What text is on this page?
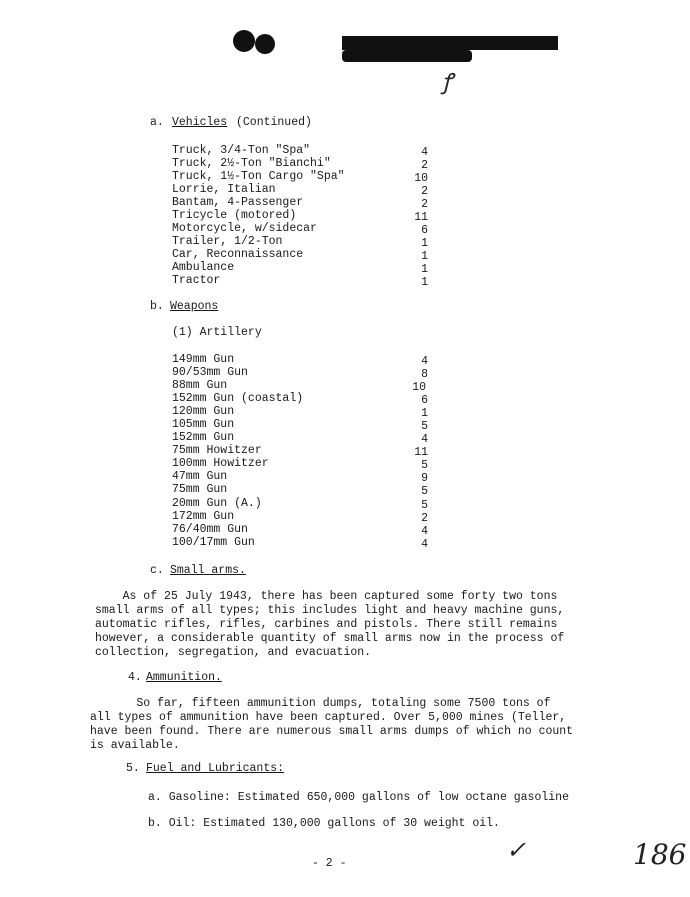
ꝭ
a. Vehicles (Continued)
Truck, 3/4-Ton "Spa"	4
Truck, 2½-Ton "Bianchi"	2
Truck, 1½-Ton Cargo "Spa"	10
Lorrie, Italian	2
Bantam, 4-Passenger	2
Tricycle (motored)	11
Motorcycle, w/sidecar	6
Trailer, 1/2-Ton	1
Car, Reconnaissance	1
Ambulance	1
Tractor	1
b. Weapons
(1) Artillery
149mm Gun	4
90/53mm Gun	8
88mm Gun	10
152mm Gun (coastal)	6
120mm Gun	1
105mm Gun	5
152mm Gun	4
75mm Howitzer	11
100mm Howitzer	5
47mm Gun	9
75mm Gun	5
20mm Gun (A.)	5
172mm Gun	2
76/40mm Gun	4
100/17mm Gun	4
c. Small arms.
As of 25 July 1943, there has been captured some forty two tons
small arms of all types; this includes light and heavy machine guns,
automatic rifles, rifles, carbines and pistols. There still remains
however, a considerable quantity of small arms now in the process of
collection, segregation, and evacuation.
4. Ammunition.
So far, fifteen ammunition dumps, totaling some 7500 tons of
all types of ammunition have been captured. Over 5,000 mines (Teller,
have been found. There are numerous small arms dumps of which no count
is available.
5. Fuel and Lubricants:
a. Gasoline: Estimated 650,000 gallons of low octane gasoline
b. Oil: Estimated 130,000 gallons of 30 weight oil.
- 2 -	✓	186
